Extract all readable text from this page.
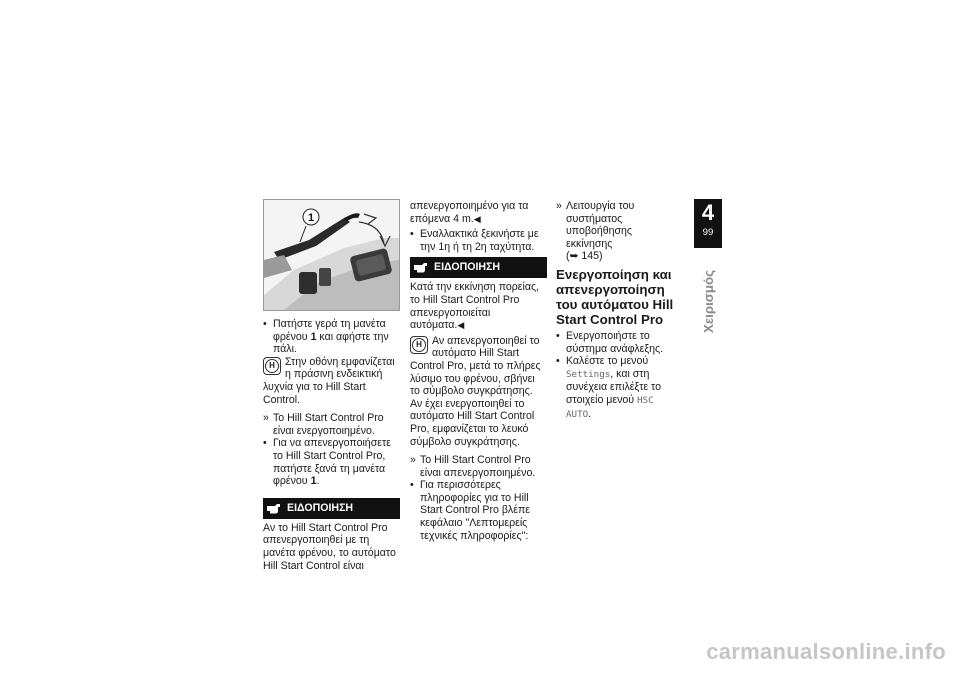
1

• Πατήστε γερά τη μανέτα φρένου 1 και αφήστε την πάλι.

H Στην οθόνη εμφανίζεται η πράσινη ενδεικτική λυχνία για το Hill Start Control.

» Το Hill Start Control Pro είναι ενεργοποιημένο.

• Για να απενεργοποιήσετε το Hill Start Control Pro, πατήστε ξανά τη μανέτα φρένου 1.

ΕΙΔΟΠΟΙΗΣΗ

Αν το Hill Start Control Pro απενεργοποιηθεί με τη μανέτα φρένου, το αυτόματο Hill Start Control είναι

απενεργοποιημένο για τα επόμενα 4 m.◀

• Εναλλακτικά ξεκινήστε με την 1η ή τη 2η ταχύτητα.

ΕΙΔΟΠΟΙΗΣΗ

Κατά την εκκίνηση πορείας, το Hill Start Control Pro απενεργοποιείται αυτόματα.◀

H Αν απενεργοποιηθεί το αυτόματο Hill Start Control Pro, μετά το πλήρες λύσιμο του φρένου, σβήνει το σύμβολο συγκράτησης. Αν έχει ενεργοποιηθεί το αυτόματο Hill Start Control Pro, εμφανίζεται το λευκό σύμβολο συγκράτησης.

» Το Hill Start Control Pro είναι απενεργοποιημένο.

• Για περισσότερες πληροφορίες για το Hill Start Control Pro βλέπε κεφάλαιο "Λεπτομερείς τεχνικές πληροφορίες":

» Λειτουργία του συστήματος υποβοήθησης εκκίνησης
(➥ 145)

Ενεργοποίηση και απενεργοποίηση του αυτόματου Hill Start Control Pro

• Ενεργοποιήστε το σύστημα ανάφλεξης.

• Καλέστε το μενού Settings, και στη συνέχεια επιλέξτε το στοιχείο μενού HSC AUTO.

4
99
Χειρισμός
carmanualsonline.info
